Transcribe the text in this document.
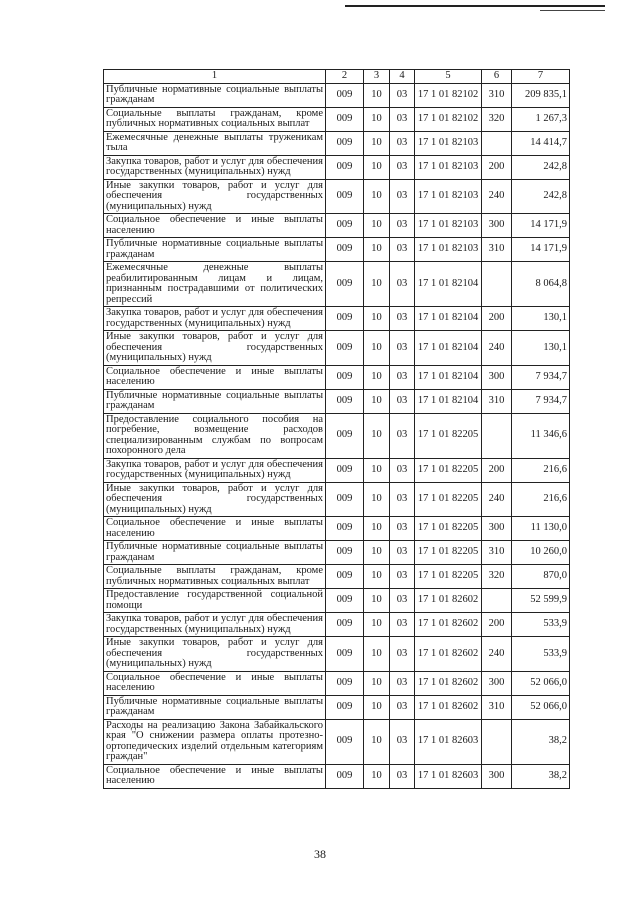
1	2	3	4	5	6	7
Публичные нормативные социальные выплаты гражданам	009	10	03	17 1 01 82102	310	209 835,1
Социальные выплаты гражданам, кроме публичных нормативных социальных выплат	009	10	03	17 1 01 82102	320	1 267,3
Ежемесячные денежные выплаты труженикам тыла	009	10	03	17 1 01 82103		14 414,7
Закупка товаров, работ и услуг для обеспечения государственных (муниципальных) нужд	009	10	03	17 1 01 82103	200	242,8
Иные закупки товаров, работ и услуг для обеспечения государственных (муниципальных) нужд	009	10	03	17 1 01 82103	240	242,8
Социальное обеспечение и иные выплаты населению	009	10	03	17 1 01 82103	300	14 171,9
Публичные нормативные социальные выплаты гражданам	009	10	03	17 1 01 82103	310	14 171,9
Ежемесячные денежные выплаты реабилитированным лицам и лицам, признанным пострадавшими от политических репрессий	009	10	03	17 1 01 82104		8 064,8
Закупка товаров, работ и услуг для обеспечения государственных (муниципальных) нужд	009	10	03	17 1 01 82104	200	130,1
Иные закупки товаров, работ и услуг для обеспечения государственных (муниципальных) нужд	009	10	03	17 1 01 82104	240	130,1
Социальное обеспечение и иные выплаты населению	009	10	03	17 1 01 82104	300	7 934,7
Публичные нормативные социальные выплаты гражданам	009	10	03	17 1 01 82104	310	7 934,7
Предоставление социального пособия на погребение, возмещение расходов специализированным службам по вопросам похоронного дела	009	10	03	17 1 01 82205		11 346,6
Закупка товаров, работ и услуг для обеспечения государственных (муниципальных) нужд	009	10	03	17 1 01 82205	200	216,6
Иные закупки товаров, работ и услуг для обеспечения государственных (муниципальных) нужд	009	10	03	17 1 01 82205	240	216,6
Социальное обеспечение и иные выплаты населению	009	10	03	17 1 01 82205	300	11 130,0
Публичные нормативные социальные выплаты гражданам	009	10	03	17 1 01 82205	310	10 260,0
Социальные выплаты гражданам, кроме публичных нормативных социальных выплат	009	10	03	17 1 01 82205	320	870,0
Предоставление государственной социальной помощи	009	10	03	17 1 01 82602		52 599,9
Закупка товаров, работ и услуг для обеспечения государственных (муниципальных) нужд	009	10	03	17 1 01 82602	200	533,9
Иные закупки товаров, работ и услуг для обеспечения государственных (муниципальных) нужд	009	10	03	17 1 01 82602	240	533,9
Социальное обеспечение и иные выплаты населению	009	10	03	17 1 01 82602	300	52 066,0
Публичные нормативные социальные выплаты гражданам	009	10	03	17 1 01 82602	310	52 066,0
Расходы на реализацию Закона Забайкальского края "О снижении размера оплаты протезно-ортопедических изделий отдельным категориям граждан"	009	10	03	17 1 01 82603		38,2
Социальное обеспечение и иные выплаты населению	009	10	03	17 1 01 82603	300	38,2
38
